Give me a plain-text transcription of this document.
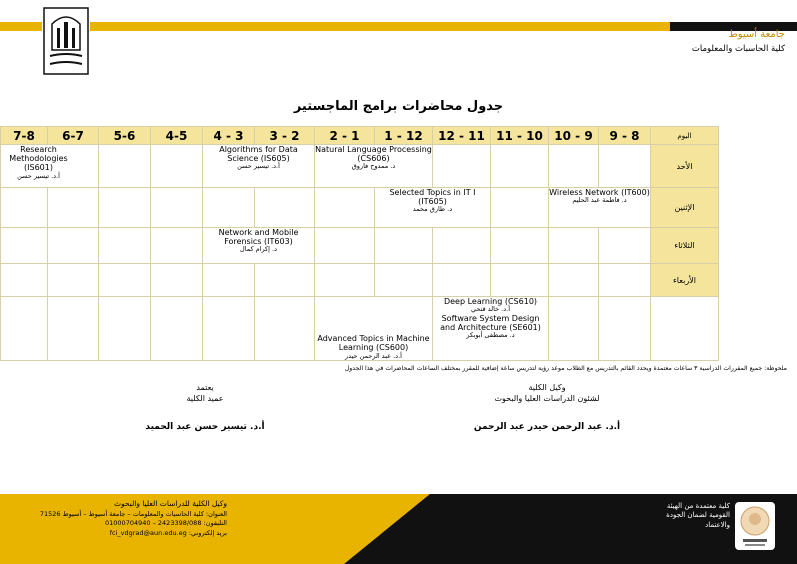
جامعة أسيوط
كلية الحاسبات والمعلومات
جدول محاضرات برامج الماجستير
7-8	6-7	5-6	4-5	4 - 3	3 - 2	2 - 1	1 - 12	12 - 11	11 - 10	10 - 9	9 - 8	اليوم	

Research Methodologies (IS601)
أ.د. تيسير حسن				Algorithms for Data Science (IS605)
أ.د. تيسير حسن		Natural Language Processing (CS606)
د. ممدوح فاروق						الأحد	
							Selected Topics in IT I (IT605)
د. طارق محمد			Wireless Network (IT600)
د. فاطمة عبد الحليم		الإثنين	
				Network and Mobile Forensics (IT603)
د. إكرام كمال								الثلاثاء	
												الأربعاء	
						Advanced Topics in Machine Learning (CS600)
أ.د. عبد الرحمن حيدر		Deep Learning (CS610)
أ.د. خالد فتحي
Software System Design and Architecture (SE601)
د. مصطفى أبوبكر

ملحوظة: جميع المقررات الدراسية ٣ ساعات معتمدة ويحدد القائم بالتدريس مع الطلاب موعد رؤية لتدريس ساعة إضافية للمقرر بمختلف الساعات المحاضرات في هذا الجدول
وكيل الكلية
لشئون الدراسات العليا والبحوث
أ.د. عبد الرحمن حيدر عبد الرحمن
يعتمد
عميد الكلية
أ.د. تيسير حسن عبد الحميد
وكيل الكلية للدراسات العليا والبحوث
العنوان: كلية الحاسبات والمعلومات – جامعة أسيوط – أسيوط 71526
التليفون: 2423398/088 – 01000704940
بريد إلكتروني: fci_vdgrad@aun.edu.eg
كلية معتمدة من الهيئة القومية لضمان الجودة والاعتماد
